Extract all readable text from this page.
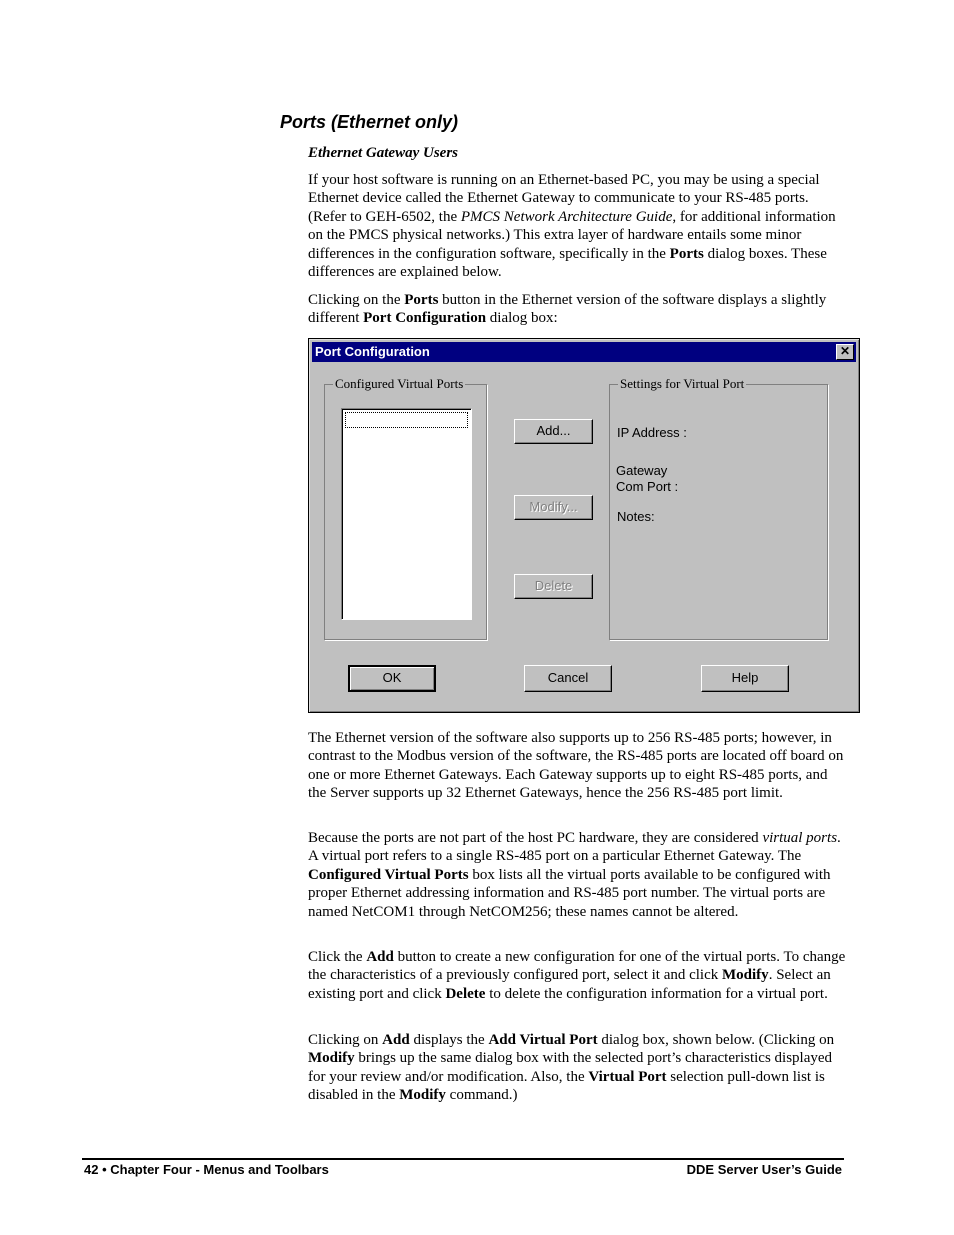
Ports (Ethernet only)
Ethernet Gateway Users

If your host software is running on an Ethernet-based PC, you may be using a special Ethernet device called the Ethernet Gateway to communicate to your RS-485 ports. (Refer to GEH-6502, the PMCS Network Architecture Guide, for additional information on the PMCS physical networks.) This extra layer of hardware entails some minor differences in the configuration software, specifically in the Ports dialog boxes. These differences are explained below.

Clicking on the Ports button in the Ethernet version of the software displays a slightly different Port Configuration dialog box:

Port Configuration	✕
Configured Virtual Ports	Settings for Virtual Port
Add...
Modify...
Delete
IP Address :
Gateway
Com Port :
Notes:
OK	Cancel	Help

The Ethernet version of the software also supports up to 256 RS-485 ports; however, in contrast to the Modbus version of the software, the RS-485 ports are located off board on one or more Ethernet Gateways. Each Gateway supports up to eight RS-485 ports, and the Server supports up 32 Ethernet Gateways, hence the 256 RS-485 port limit.

Because the ports are not part of the host PC hardware, they are considered virtual ports. A virtual port refers to a single RS-485 port on a particular Ethernet Gateway. The Configured Virtual Ports box lists all the virtual ports available to be configured with proper Ethernet addressing information and RS-485 port number. The virtual ports are named NetCOM1 through NetCOM256; these names cannot be altered.

Click the Add button to create a new configuration for one of the virtual ports. To change the characteristics of a previously configured port, select it and click Modify. Select an existing port and click Delete to delete the configuration information for a virtual port.

Clicking on Add displays the Add Virtual Port dialog box, shown below. (Clicking on Modify brings up the same dialog box with the selected port’s characteristics displayed for your review and/or modification. Also, the Virtual Port selection pull-down list is disabled in the Modify command.)

42 • Chapter Four - Menus and Toolbars	DDE Server User’s Guide
